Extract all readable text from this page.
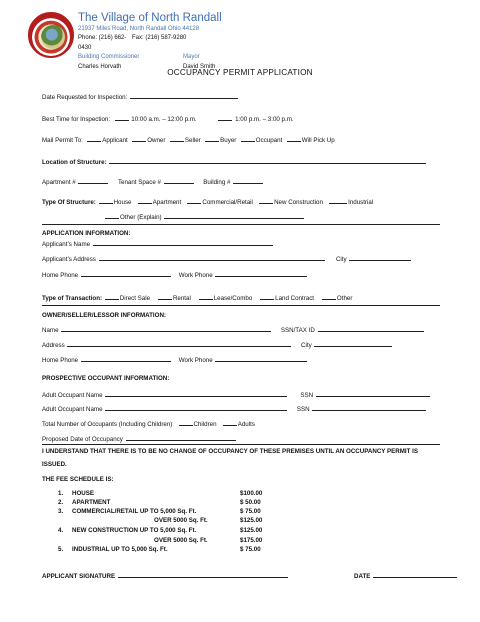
The Village of North Randall
21937 Miles Road, North Randall Ohio 44128
Phone: (216) 662-0430
Fax: (216) 587-9280
Building Commissioner	Mayor
Charles Horvath	David Smith
OCCUPANCY PERMIT APPLICATION
Date Requested for Inspection:
Best Time for Inspection:	10:00 a.m. – 12:00 p.m.	1:00 p.m. – 3:00 p.m.
Mail Permit To:	Applicant	Owner	Seller	Buyer	Occupant	Will Pick Up
Location of Structure:
Apartment #	Tenant Space #	Building #
Type Of Structure:	House	Apartment	Commercial/Retail	New Construction	Industrial
Other (Explain)
APPLICATION INFORMATION:
Applicant’s Name
Applicant’s Address	City
Home Phone	Work Phone
Type of Transaction:	Direct Sale	Rental	Lease/Combo	Land Contract	Other
OWNER/SELLER/LESSOR INFORMATION:
Name	SSN/TAX ID
Address	City
Home Phone	Work Phone
PROSPECTIVE OCCUPANT INFORMATION:
Adult Occupant Name	SSN
Adult Occupant Name	SSN
Total Number of Occupants (Including Children)	Children	Adults
Proposed Date of Occupancy
I UNDERSTAND THAT THERE IS TO BE NO CHANGE OF OCCUPANCY OF THESE PREMISES UNTIL AN OCCUPANCY PERMIT IS
ISSUED.
THE FEE SCHEDULE IS:
1. HOUSE	$100.00
2. APARTMENT	$ 50.00
3. COMMERCIAL/RETAIL UP TO 5,000 Sq. Ft.	$ 75.00
OVER 5000 Sq. Ft.	$125.00
4. NEW CONSTRUCTION UP TO 5,000 Sq. Ft.	$125.00
OVER 5000 Sq. Ft.	$175.00
5. INDUSTRIAL UP TO 5,000 Sq. Ft.	$ 75.00
APPLICANT SIGNATURE	DATE
